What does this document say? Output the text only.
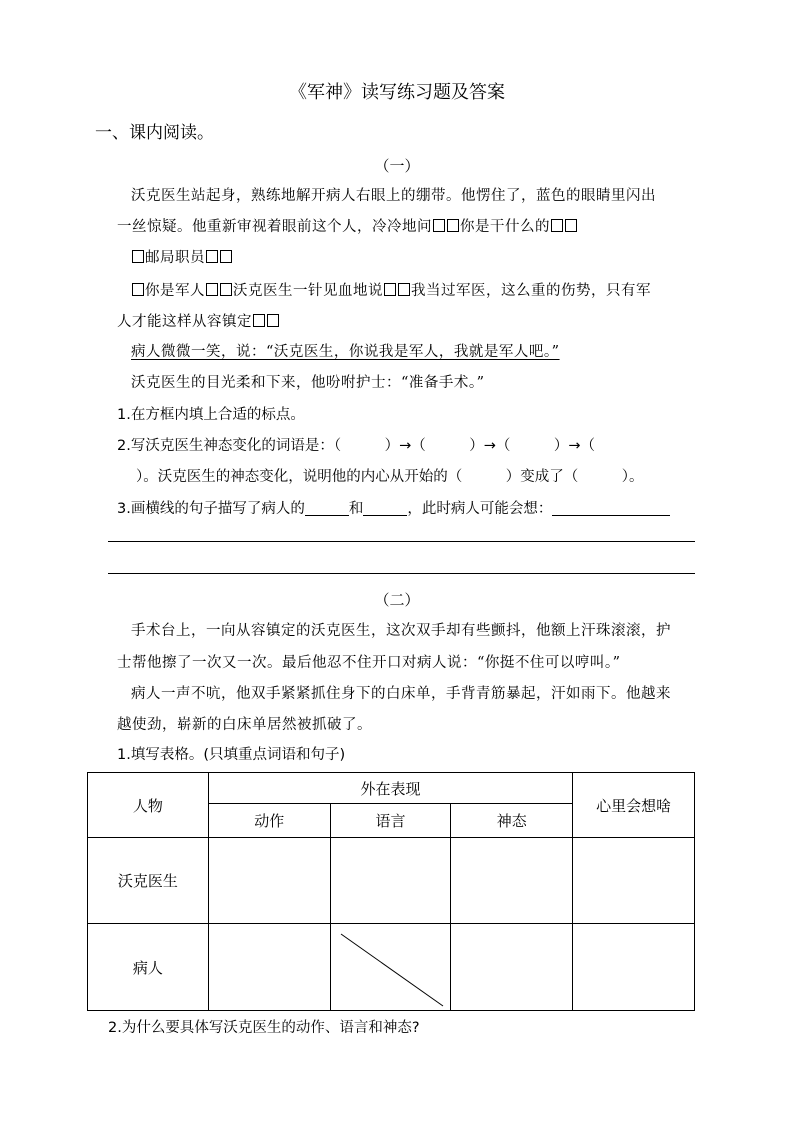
《军神》读写练习题及答案
一、课内阅读。
（一）
沃克医生站起身，熟练地解开病人右眼上的绷带。他愣住了，蓝色的眼睛里闪出
一丝惊疑。他重新审视着眼前这个人，冷冷地问 你是干什么的
邮局职员
你是军人 沃克医生一针见血地说 我当过军医，这么重的伤势，只有军
人才能这样从容镇定
病人微微一笑，说：“沃克医生，你说我是军人，我就是军人吧。”
沃克医生的目光柔和下来，他吩咐护士：“准备手术。”
1.在方框内填上合适的标点。
2.写沃克医生神态变化的词语是：（　　　）→（　　　）→（　　　）→（
）。沃克医生的神态变化，说明他的内心从开始的（　　　）变成了（　　　）。
3.画横线的句子描写了病人的	和	，此时病人可能会想：
（二）
手术台上，一向从容镇定的沃克医生，这次双手却有些颤抖，他额上汗珠滚滚，护
士帮他擦了一次又一次。最后他忍不住开口对病人说：“你挺不住可以哼叫。”
病人一声不吭，他双手紧紧抓住身下的白床单，手背青筋暴起，汗如雨下。他越来
越使劲，崭新的白床单居然被抓破了。
1.填写表格。(只填重点词语和句子)
人物	外在表现			心里会想啥
	动作	语言	神态	
沃克医生				
病人		

2.为什么要具体写沃克医生的动作、语言和神态?
